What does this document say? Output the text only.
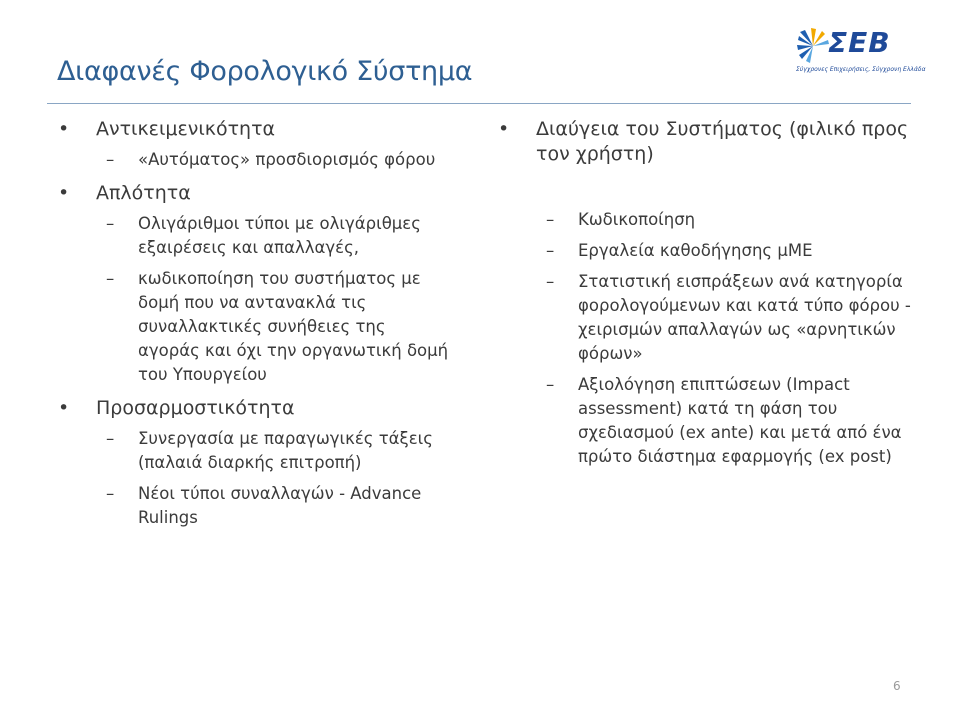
Διαφανές Φορολογικό Σύστημα
ΣΕΒ
Σύγχρονες Επιχειρήσεις, Σύγχρονη Ελλάδα
• Αντικειμενικότητα
– «Αυτόματος» προσδιορισμός φόρου
• Απλότητα
– Ολιγάριθμοι τύποι με ολιγάριθμες εξαιρέσεις και απαλλαγές,
– κωδικοποίηση του συστήματος με δομή που να αντανακλά τις συναλλακτικές συνήθειες της αγοράς και όχι την οργανωτική δομή του Υπουργείου
• Προσαρμοστικότητα
– Συνεργασία με παραγωγικές τάξεις (παλαιά διαρκής επιτροπή)
– Νέοι τύποι συναλλαγών - Advance Rulings
• Διαύγεια του Συστήματος (φιλικό προς τον χρήστη)
– Κωδικοποίηση
– Εργαλεία καθοδήγησης μΜΕ
– Στατιστική εισπράξεων ανά κατηγορία φορολογούμενων και κατά τύπο φόρου - χειρισμών απαλλαγών ως «αρνητικών φόρων»
– Αξιολόγηση επιπτώσεων (Impact assessment) κατά τη φάση του σχεδιασμού (ex ante) και μετά από ένα πρώτο διάστημα εφαρμογής (ex post)
6
